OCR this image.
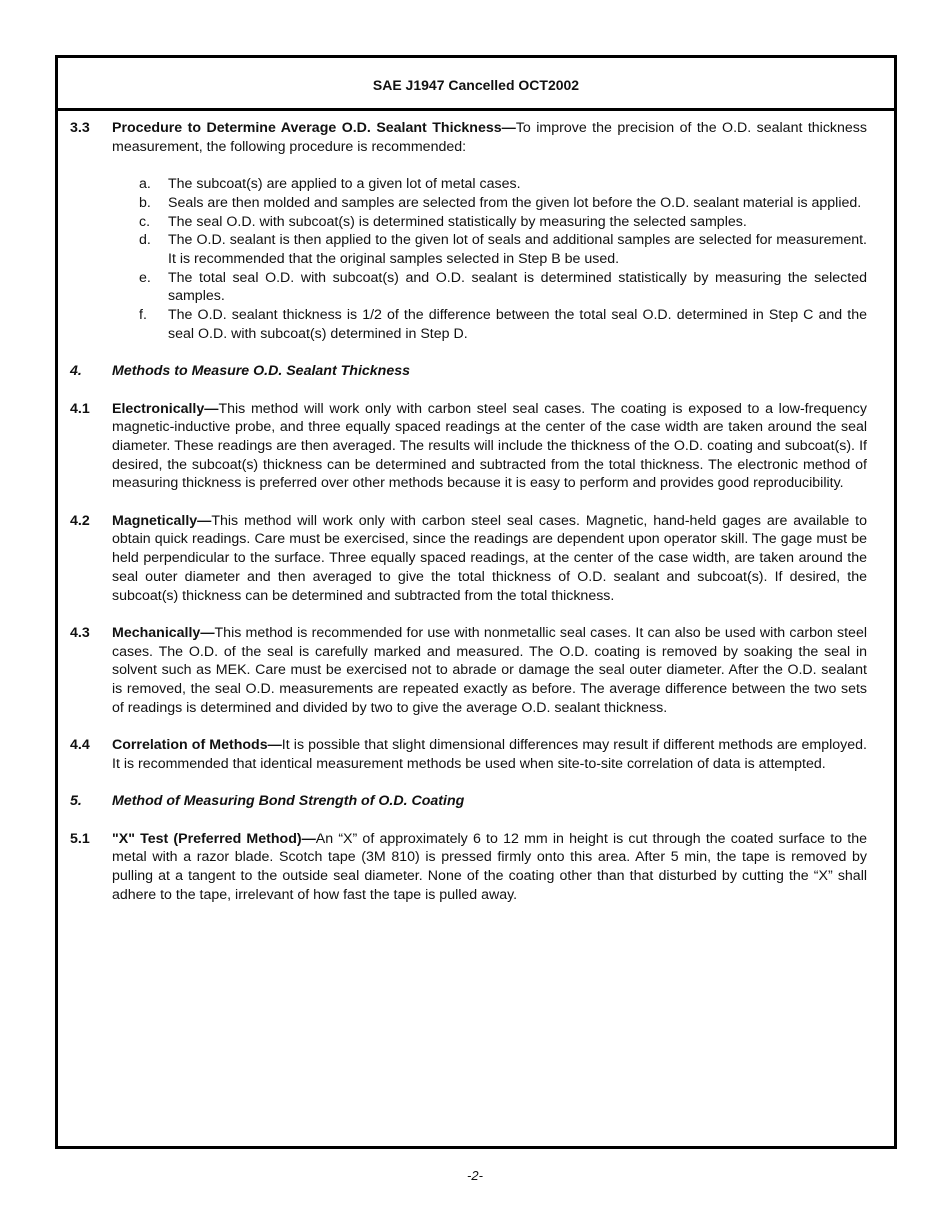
SAE J1947 Cancelled OCT2002
3.3	Procedure to Determine Average O.D. Sealant Thickness—To improve the precision of the O.D. sealant thickness measurement, the following procedure is recommended:
a.	The subcoat(s) are applied to a given lot of metal cases.
b.	Seals are then molded and samples are selected from the given lot before the O.D. sealant material is applied.
c.	The seal O.D. with subcoat(s) is determined statistically by measuring the selected samples.
d.	The O.D. sealant is then applied to the given lot of seals and additional samples are selected for measurement. It is recommended that the original samples selected in Step B be used.
e.	The total seal O.D. with subcoat(s) and O.D. sealant is determined statistically by measuring the selected samples.
f.	The O.D. sealant thickness is 1/2 of the difference between the total seal O.D. determined in Step C and the seal O.D. with subcoat(s) determined in Step D.
4.	Methods to Measure O.D. Sealant Thickness
4.1	Electronically—This method will work only with carbon steel seal cases. The coating is exposed to a low-frequency magnetic-inductive probe, and three equally spaced readings at the center of the case width are taken around the seal diameter. These readings are then averaged. The results will include the thickness of the O.D. coating and subcoat(s). If desired, the subcoat(s) thickness can be determined and subtracted from the total thickness. The electronic method of measuring thickness is preferred over other methods because it is easy to perform and provides good reproducibility.
4.2	Magnetically—This method will work only with carbon steel seal cases. Magnetic, hand-held gages are available to obtain quick readings. Care must be exercised, since the readings are dependent upon operator skill. The gage must be held perpendicular to the surface. Three equally spaced readings, at the center of the case width, are taken around the seal outer diameter and then averaged to give the total thickness of O.D. sealant and subcoat(s). If desired, the subcoat(s) thickness can be determined and subtracted from the total thickness.
4.3	Mechanically—This method is recommended for use with nonmetallic seal cases. It can also be used with carbon steel cases. The O.D. of the seal is carefully marked and measured. The O.D. coating is removed by soaking the seal in solvent such as MEK. Care must be exercised not to abrade or damage the seal outer diameter. After the O.D. sealant is removed, the seal O.D. measurements are repeated exactly as before. The average difference between the two sets of readings is determined and divided by two to give the average O.D. sealant thickness.
4.4	Correlation of Methods—It is possible that slight dimensional differences may result if different methods are employed. It is recommended that identical measurement methods be used when site-to-site correlation of data is attempted.
5.	Method of Measuring Bond Strength of O.D. Coating
5.1	"X" Test (Preferred Method)—An “X” of approximately 6 to 12 mm in height is cut through the coated surface to the metal with a razor blade. Scotch tape (3M 810) is pressed firmly onto this area. After 5 min, the tape is removed by pulling at a tangent to the outside seal diameter. None of the coating other than that disturbed by cutting the “X” shall adhere to the tape, irrelevant of how fast the tape is pulled away.
-2-
